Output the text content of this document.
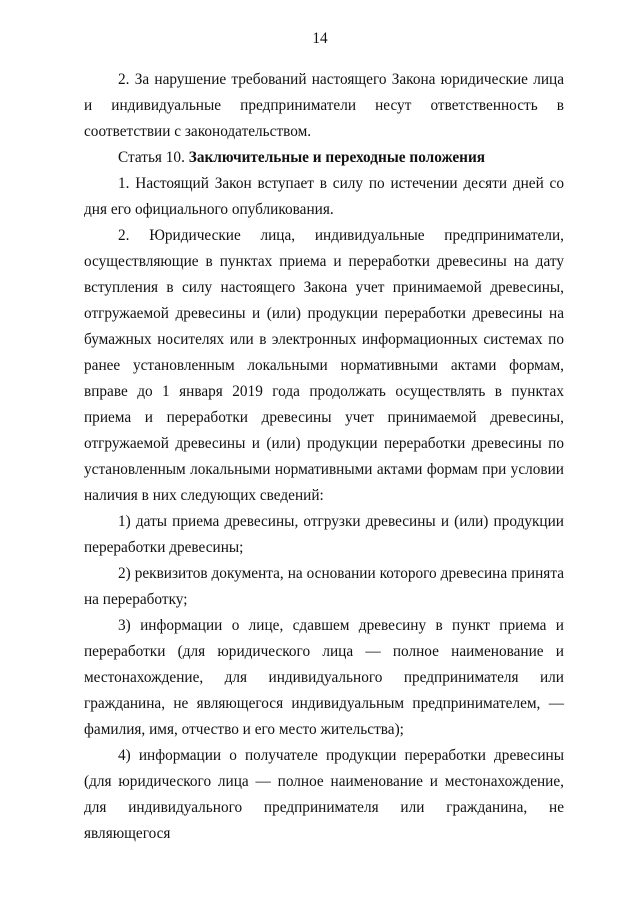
14

2. За нарушение требований настоящего Закона юридические лица и индивидуальные предприниматели несут ответственность в соответствии с законодательством.

Статья 10. Заключительные и переходные положения

1. Настоящий Закон вступает в силу по истечении десяти дней со дня его официального опубликования.

2. Юридические лица, индивидуальные предприниматели, осуществляющие в пунктах приема и переработки древесины на дату вступления в силу настоящего Закона учет принимаемой древесины, отгружаемой древесины и (или) продукции переработки древесины на бумажных носителях или в электронных информационных системах по ранее установленным локальными нормативными актами формам, вправе до 1 января 2019 года продолжать осуществлять в пунктах приема и переработки древесины учет принимаемой древесины, отгружаемой древесины и (или) продукции переработки древесины по установленным локальными нормативными актами формам при условии наличия в них следующих сведений:

1) даты приема древесины, отгрузки древесины и (или) продукции переработки древесины;

2) реквизитов документа, на основании которого древесина принята на переработку;

3) информации о лице, сдавшем древесину в пункт приема и переработки (для юридического лица — полное наименование и местонахождение, для индивидуального предпринимателя или гражданина, не являющегося индивидуальным предпринимателем, — фамилия, имя, отчество и его место жительства);

4) информации о получателе продукции переработки древесины (для юридического лица — полное наименование и местонахождение, для индивидуального предпринимателя или гражданина, не являющегося
